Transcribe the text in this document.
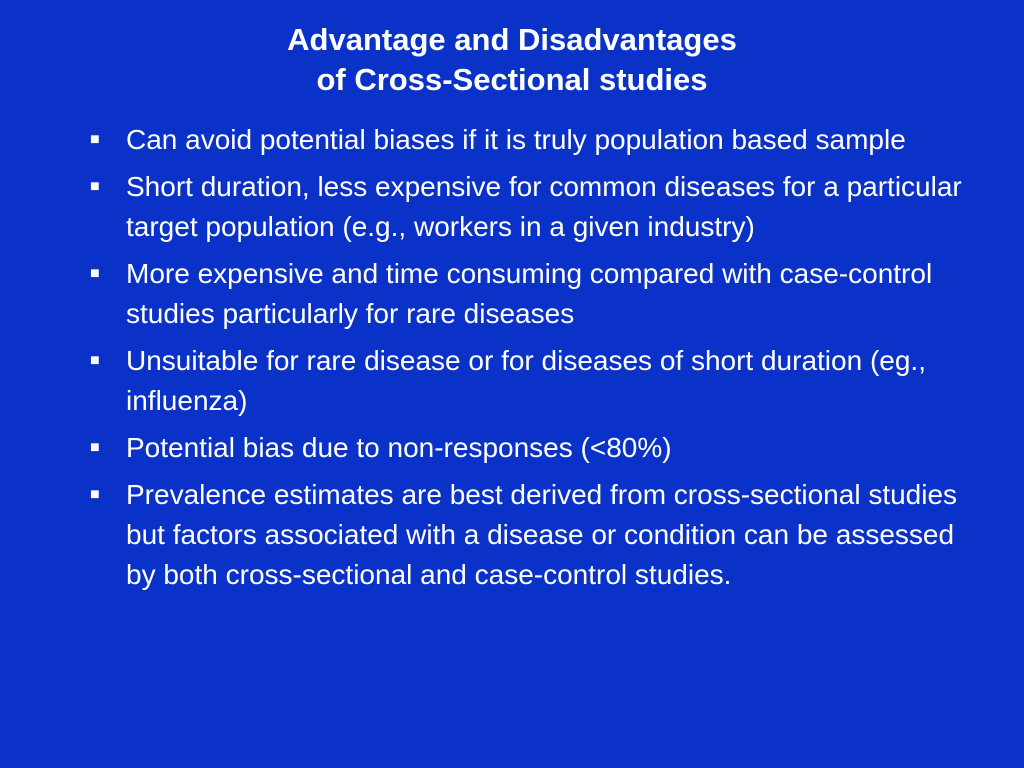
Advantage and Disadvantages
of Cross-Sectional studies
■ Can avoid potential biases if it is truly population based sample
■ Short duration, less expensive for common diseases for a particular target population (e.g., workers in a given industry)
■ More expensive and time consuming compared with case-control studies particularly for rare diseases
■ Unsuitable for rare disease or for diseases of short duration (eg., influenza)
■ Potential bias due to non-responses (<80%)
■ Prevalence estimates are best derived from cross-sectional studies but factors associated with a disease or condition can be assessed by both cross-sectional and case-control studies.
